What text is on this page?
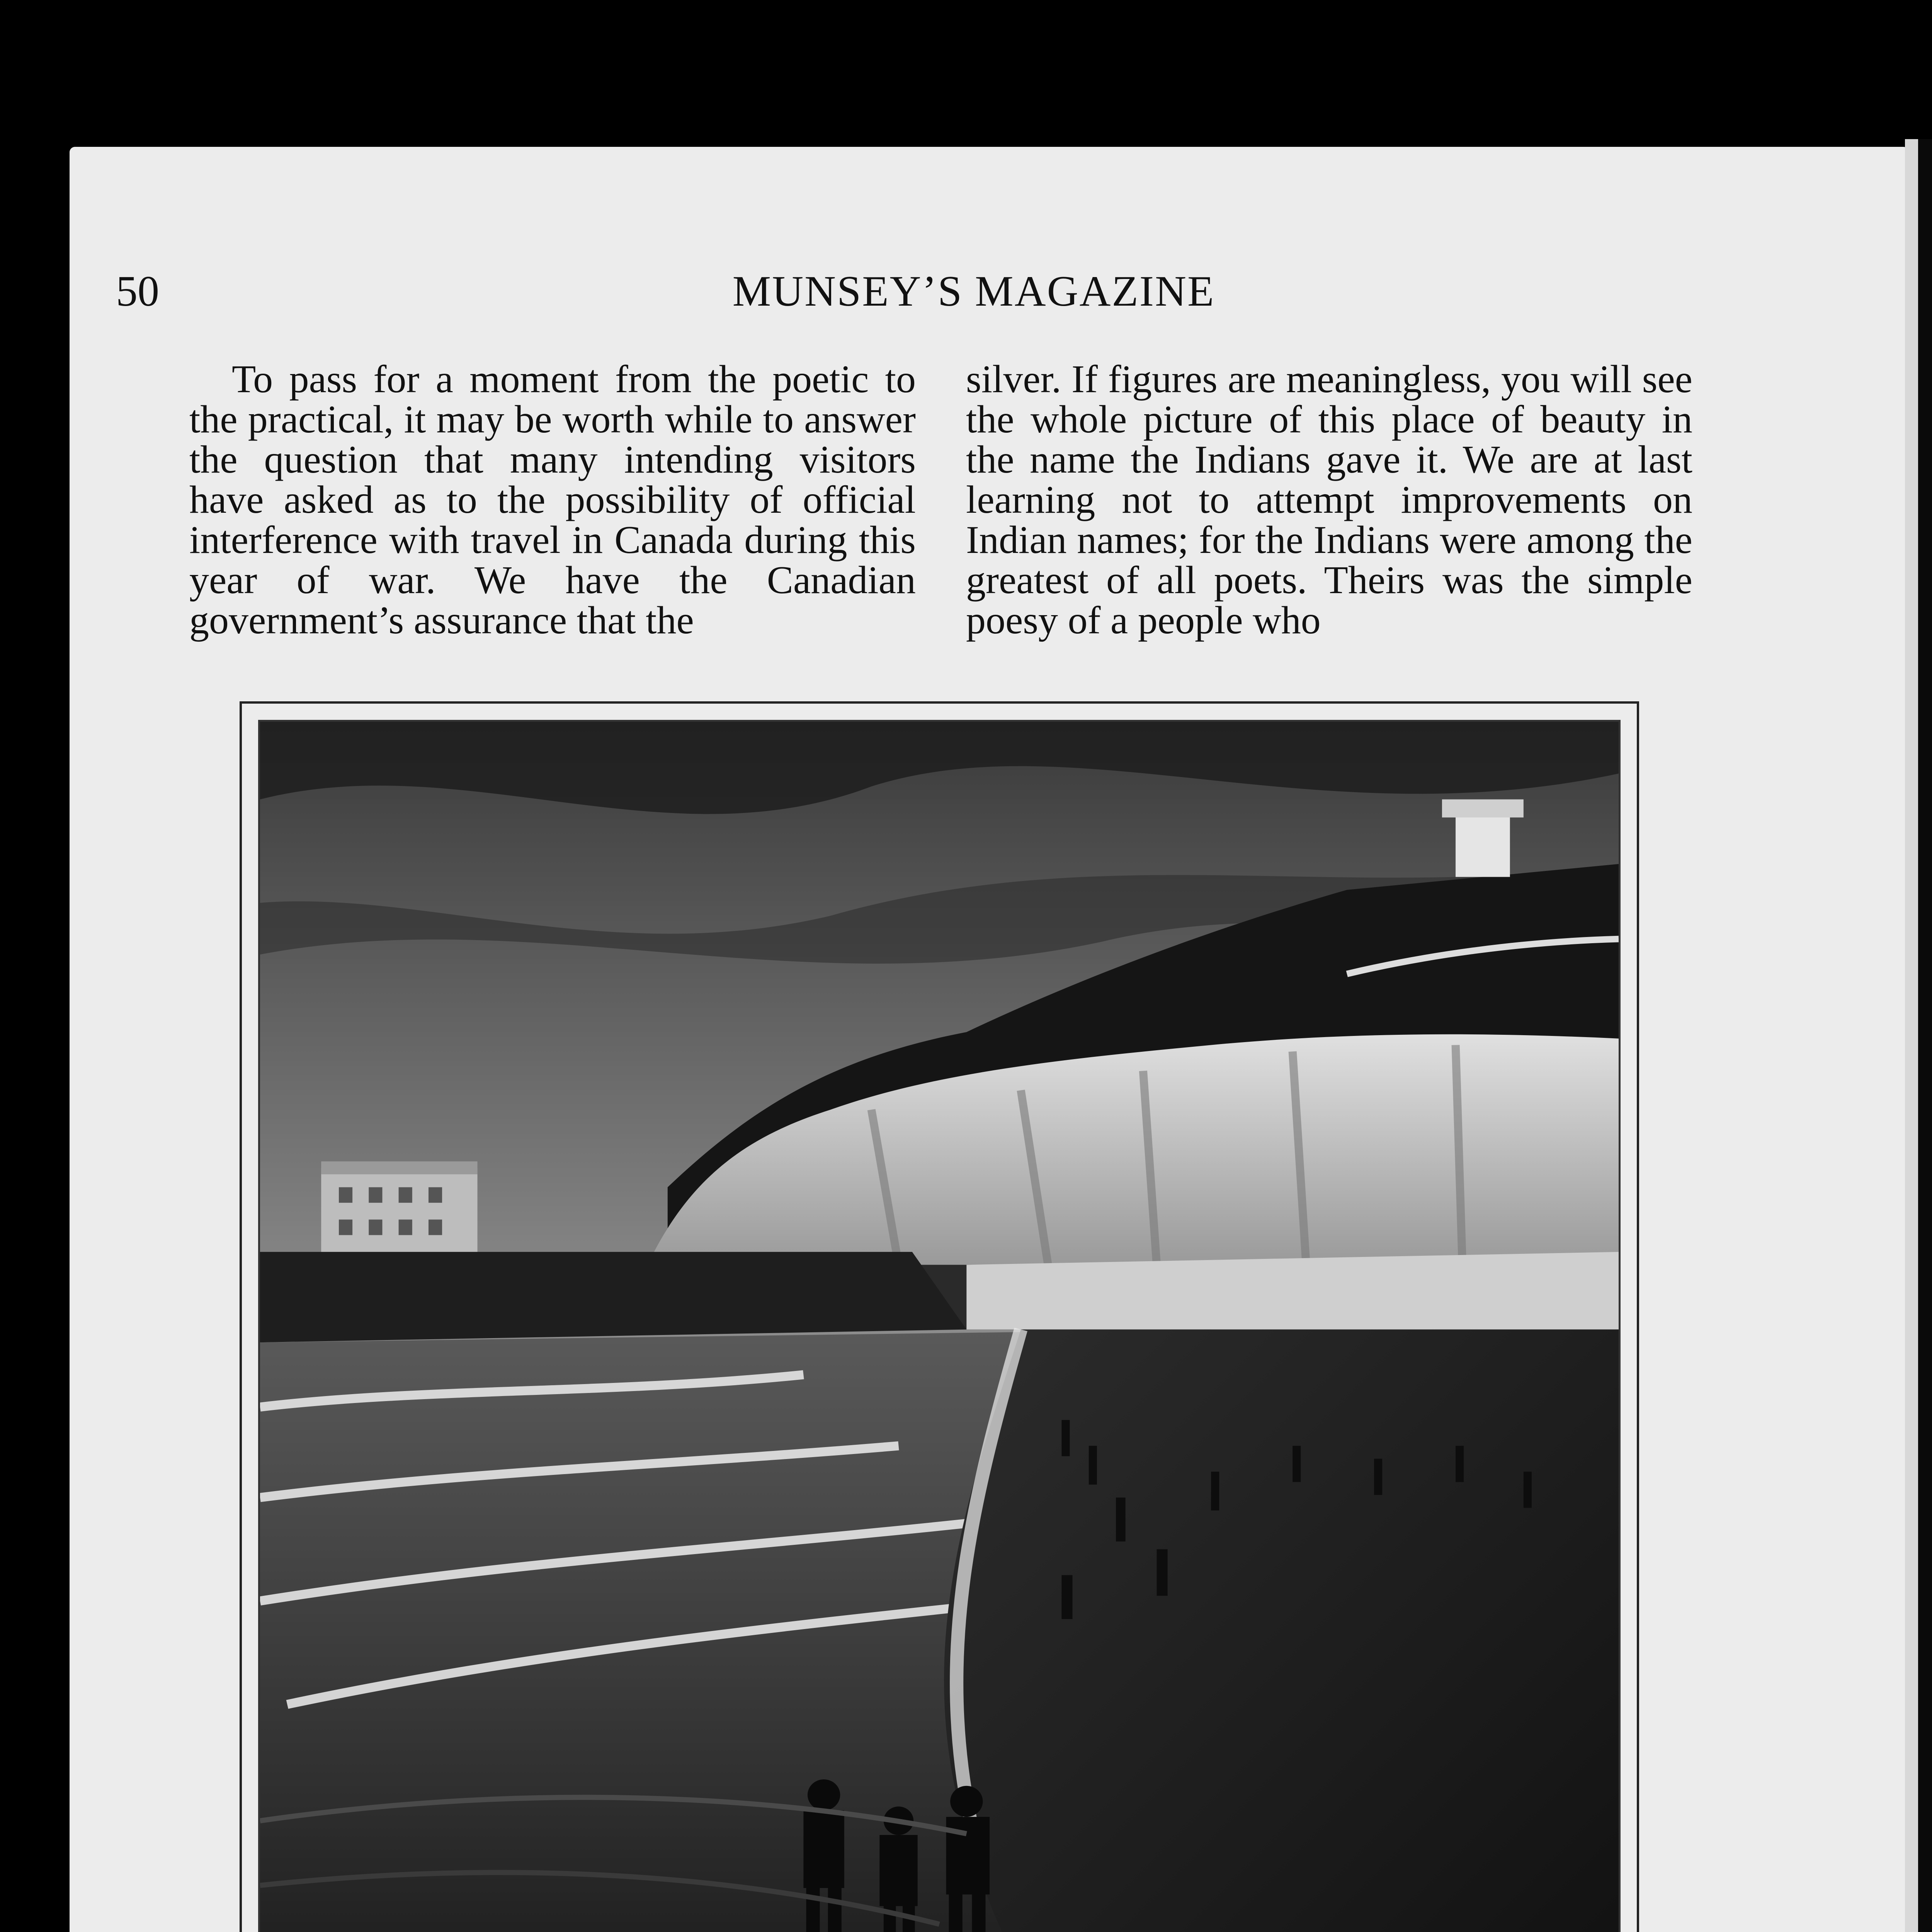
50	MUNSEY’S MAGAZINE

To pass for a moment from the poetic to the practical, it may be worth while to answer the question that many intending visitors have asked as to the possibility of official interference with travel in Canada during this year of war. We have the Canadian government’s assurance that the

silver. If figures are meaningless, you will see the whole picture of this place of beauty in the name the Indians gave it. We are at last learning not to attempt improvements on Indian names; for the Indians were among the greatest of all poets. Theirs was the simple poesy of a people who
